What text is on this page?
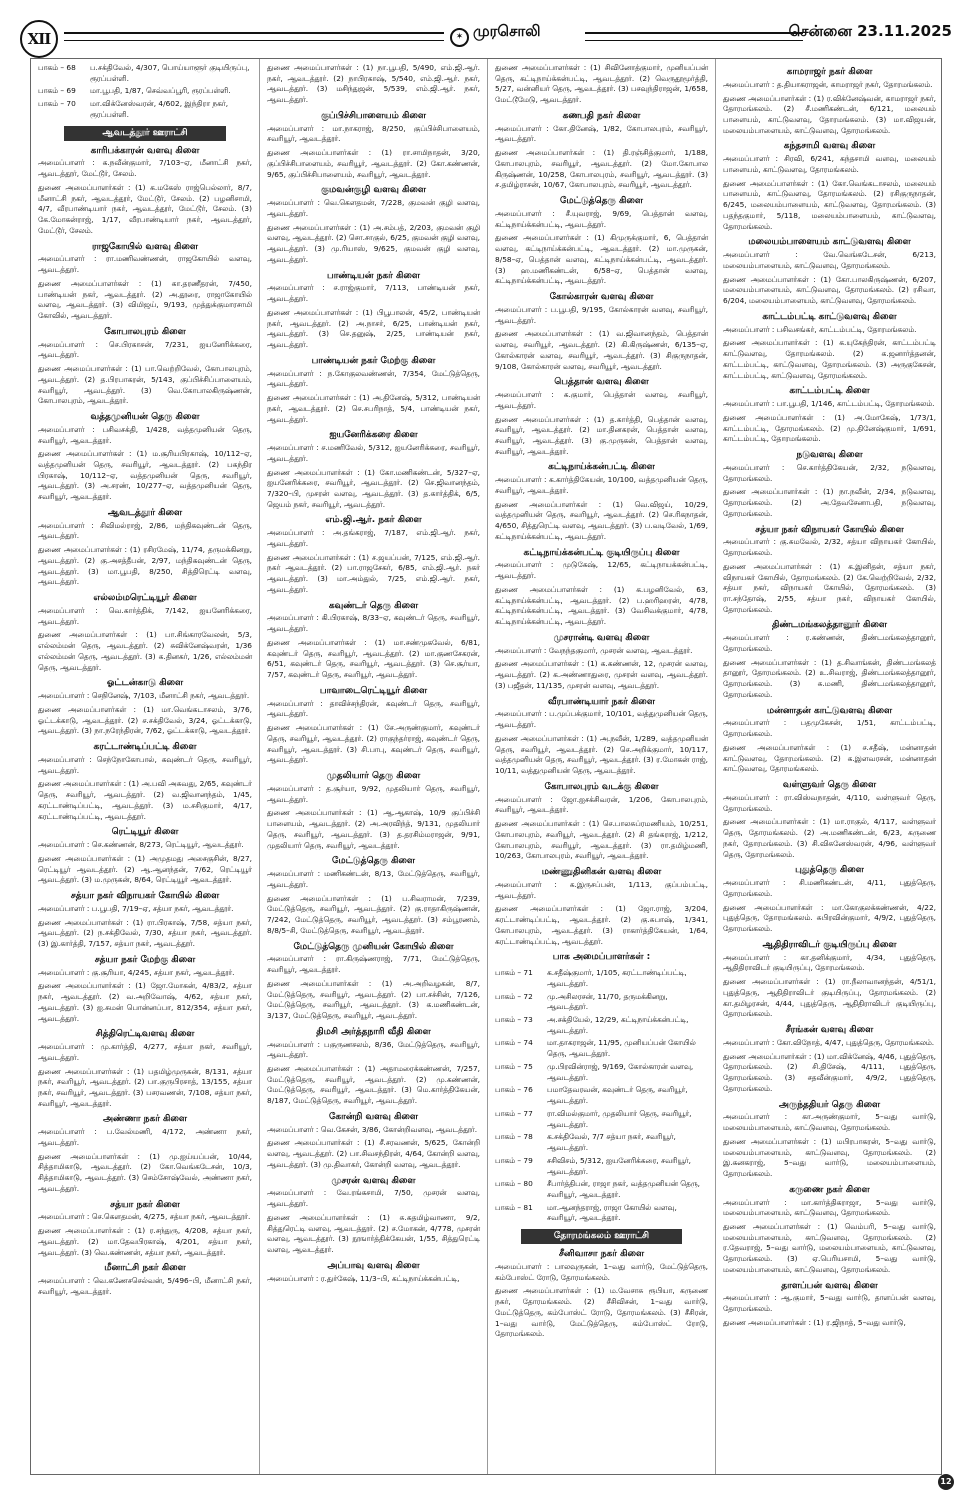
XII	✶ முரசொலி	சென்னை 23.11.2025
பாகம் – 68	ப.சக்திவேல், 4/307, பொய்யாளூர் குடியிருப்பு, ரூரப்பள்ளி.
பாகம் – 69	மா.பூபதி, 1/87, செவ்வப்பூரி, ரூரப்பள்ளி.
பாகம் – 70	மா.விக்னேஸ்வரன், 4/602, இந்திரா நகர், ரூரப்பள்ளி.
ஆவடத்தூர் ஊராட்சி
காரிபக்காரன் வளவு கிளை
அமைப்பாளர் : க.நவீன்குமார், 7/103–ஏ, மீனாட்சி நகர், ஆவடத்தூர், மேட்டூர், சேலம்.
துணை அமைப்பாளர்கள் : (1) க.மகேஸ் ராஜ்பெல்லார், 8/7, மீனாட்சி நகர், ஆவடத்தூர், மேட்டூர், சேலம். (2) பழனிசாமி, 4/7, வீரபாண்டியார் நகர், ஆவடத்தூர், மேட்டூர், சேலம். (3) கே.மோகன்ராஜ், 1/17, வீரபாண்டியார் நகர், ஆவடத்தூர், மேட்டூர், சேலம்.
ராஜகோயில் வளவு கிளை
அமைப்பாளர் : ரா.மணிவண்ணன், ராஜகோயில் வளவு, ஆவடத்தூர்.
துணை அமைப்பாளர்கள் : (1) கா.தரணீதரன், 7/450, பாண்டியன் நகர், ஆவடத்தூர். (2) அ.தூரை, ராஜாகோயில் வளவு, ஆவடத்தூர். (3) விமிஜய், 9/193, முத்துக்குமாரசாமி கோவில், ஆவடத்தூர்.
கோபாலபுரம் கிளை
அமைப்பாளர் : செ.பிரகாசன், 7/231, ஐயனேரிக்கரை, ஆவடத்தூர்.
துணை அமைப்பாளர்கள் : (1) பா.வெற்றிவேல், கோபாலபுரம், ஆவடத்தூர். (2) த.பிரபாகரன், 5/143, குப்பிச்சிப்பாளையம், சவரியூர், ஆவடத்தூர். (3) வெ.கோபாலகிருஷ்ணன், கோபாலபுரம், ஆவடத்தூர்.
வத்தமுனியன் தெரு கிளை
அமைப்பாளர் : பசிவசக்தி, 1/428, வத்தமுனியன் தெரு, சவரியூர், ஆவடத்தூர்.
துணை அமைப்பாளர்கள் : (1) ம.சூரியபிரகாஷ், 10/112–ஏ, வத்தமுனியன் தெரு, சவரியூர், ஆவடத்தூர். (2) பகந்திர பிரகாஷ், 10/112–ஏ, வத்தமுனியன் தெரு, சவரியூர், ஆவடத்தூர். (3) அ.சரண், 10/277–ஏ, வத்தமுனியன் தெரு, சவரியூர், ஆவடத்தூர்.
ஆவடத்தூர் கிளை
அமைப்பாளர் : சிவிமல்ராஜ், 2/86, மந்திகவுண்டன் தெரு, ஆவடத்தூர்.
துணை அமைப்பாளர்கள் : (1) ரசிரமேஷ், 11/74, தருமக்கினறு, ஆவடத்தூர். (2) கு.அசத்தீபன், 2/97, மந்திகவுண்டன் தெரு, ஆவடத்தூர். (3) மா.பூபதி, 8/250, சித்திரெட்டி வளவு, ஆவடத்தூர்.
எல்லம்மரெட்டியூர் கிளை
அமைப்பாளர் : வெ.கார்த்திக், 7/142, ஐயனேரிக்கரை, ஆவடத்தூர்.
துணை அமைப்பாளர்கள் : (1) பா.சிங்காரவேலன், 5/3, எல்லம்மன் தெரு, ஆவடத்தூர். (2) சுவிக்னேஷ்வரன், 1/36 எல்லம்மன் தெரு, ஆவடத்தூர். (3) க.தினகர், 1/26, எல்லம்மன் தெரு, ஆவடத்தூர்.
ஓட்டன்காடு கிளை
அமைப்பாளர் : செநினேஷ், 7/103, மீனாட்சி நகர், ஆவடத்தூர்.
துணை அமைப்பாளர்கள் : (1) மா.வெங்கடாசலம், 3/76, ஓட்டக்காடு, ஆவடத்தூர். (2) ச.சக்திவேல், 3/24, ஓட்டக்காடு, ஆவடத்தூர். (3) நா.நரேந்திரன், 7/62, ஓட்டக்காடு, ஆவடத்தூர்.
கரட்டாண்டிப்பட்டி கிளை
அமைப்பாளர் : செந்நோகோபால், கவுண்டர் தெரு, சவரியூர், ஆவடத்தூர்.
துணை அமைப்பாளர்கள் : (1) அ.பவி அசுவது, 2/65, கவுண்டர் தெரு, சவரியூர், ஆவடத்தூர். (2) வ.ஜிவானந்தம், 1/45, கரட்டாண்டிப்பட்டி, ஆவடத்தூர். (3) ம.சசிகுமார், 4/17, கரட்டாண்டிப்பட்டி, ஆவடத்தூர்.
ரெட்டியூர் கிளை
அமைப்பாளர் : செ.கண்ணன், 8/273, ரெட்டியூர், ஆவடத்தூர்.
துணை அமைப்பாளர்கள் : (1) அமுதமது அசைகுசின், 8/27, ரெட்டியூர் ஆவடத்தூர். (2) ஆ.ஆனந்தன், 7/62, ரெட்டியூர் ஆவடத்தூர். (3) ம.முருகன், 8/64, ரெட்டியூர் ஆவடத்தூர்.
சத்யா நகர் விநாயகர் கோயில் கிளை
அமைப்பாளர் : ப.பூபதி, 7/19–ஏ, சத்யா நகர், ஆவடத்தூர்.
துணை அமைப்பாளர்கள் : (1) ரா.பிரகாஷ், 7/58, சத்யா நகர், ஆவடத்தூர். (2) ந.சக்திவேல், 7/30, சத்யா நகர், ஆவடத்தூர். (3) இ.கார்த்தி, 7/157, சத்யா நகர், ஆவடத்தூர்.
சத்யா நகர் மேற்கு கிளை
அமைப்பாளர் : கு.சூரியா, 4/245, சத்யா நகர், ஆவடத்தூர்.
துணை அமைப்பாளர்கள் : (1) ஜோ.மோகன், 4/83/2, சத்யா நகர், ஆவடத்தூர். (2) வ.அறிவோஷ், 4/62, சத்யா நகர், ஆவடத்தூர். (3) ஐ.சுமன் பொன்னப்பா, 812/354, சத்யா நகர், ஆவடத்தூர்.
சித்திரெட்டிவளவு கிளை
அமைப்பாளர் : மு.கார்த்தி, 4/277, சத்யா நகர், சவரியூர், ஆவடத்தூர்.
துணை அமைப்பாளர்கள் : (1) பதமிழ்முருகன், 8/131, சத்யா நகர், சவரியூர், ஆவடத்தூர். (2) பா.குருபிரசாத், 13/155, சத்யா நகர், சவரியூர், ஆவடத்தூர். (3) பசரவணன், 7/108, சத்யா நகர், சவரியூர், ஆவடத்தூர்.
அண்ணா நகர் கிளை
அமைப்பாளர் : ப.வேல்மணி, 4/172, அண்ணா நகர், ஆவடத்தூர்.
துணை அமைப்பாளர்கள் : (1) மு.ஐய்யப்பன், 10/44, சித்தாமிகாடு, ஆவடத்தூர். (2) கோ.வெங்கடேசன், 10/3, சித்தாமிகாடு, ஆவடத்தூர். (3) செம்சோஷ்வேல், அண்ணா நகர், ஆவடத்தூர்.
சத்யா நகர் கிளை
அமைப்பாளர் : செ.கௌதமன், 4/275, சத்யா நகர், ஆவடத்தூர்.
துணை அமைப்பாளர்கள் : (1) ர.சந்துரு, 4/208, சத்யா நகர், ஆவடத்தூர். (2) மா.தேவபிரகாஷ், 4/201, சத்யா நகர், ஆவடத்தூர். (3) வெ.கண்ணன், சத்யா நகர், ஆவடத்தூர்.
மீனாட்சி நகர் கிளை
அமைப்பாளர் : வெ.கணேசசெல்வன், 5/496–பி, மீனாட்சி நகர், சவரியூர், ஆவடத்தூர்.
துணை அமைப்பாளர்கள் : (1) நா.பூபதி, 5/490, எம்.ஜி.ஆர். நகர், ஆவடத்தூர். (2) நாபிரகாஷ், 5/540, எம்.ஜி.ஆர். நகர், ஆவடத்தூர். (3) மசிந்துஜன், 5/539, எம்.ஜி.ஆர். நகர், ஆவடத்தூர்.
குப்பிச்சிபாளையம் கிளை
அமைப்பாளர் : மா.நாகராஜ், 8/250, குப்பிச்சிபாளையம், சவரியூர், ஆவடத்தூர்.
துணை அமைப்பாளர்கள் : (1) ரா.சாமிநாதன், 3/20, குப்பிச்சிபாளையம், சவரியூர், ஆவடத்தூர். (2) கோ.கண்ணன், 9/65, குப்பிச்சிபாளையம், சவரியூர், ஆவடத்தூர்.
குமவன்குழி வளவு கிளை
அமைப்பாளர் : வெ.கௌதமன், 7/228, குமவன் குழி வளவு, ஆவடத்தூர்.
துணை அமைப்பாளர்கள் : (1) அ.சம்பத், 2/203, குமவன் குழி வளவு, ஆவடத்தூர். (2) சொ.சாகுல், 6/25, குமவன் குழி வளவு, ஆவடத்தூர். (3) மு.ரியாஸ், 9/625, குமவன் குழி வளவு, ஆவடத்தூர்.
பாண்டியன் நகர் கிளை
அமைப்பாளர் : ச.ராஜ்குமார், 7/113, பாண்டியன் நகர், ஆவடத்தூர்.
துணை அமைப்பாளர்கள் : (1) பிபூபாலன், 45/2, பாண்டியன் நகர், ஆவடத்தூர். (2) அ.நாசர், 6/25, பாண்டியன் நகர், ஆவடத்தூர். (3) செ.தனுஷ், 2/25, பாண்டியன் நகர், ஆவடத்தூர்.
பாண்டியன் நகர் மேற்கு கிளை
அமைப்பாளர் : ந.கோகுலவண்ணன், 7/354, மேட்டுத்தெரு, ஆவடத்தூர்.
துணை அமைப்பாளர்கள் : (1) அ.தினேஷ், 5/312, பாண்டியன் நகர், ஆவடத்தூர். (2) செ.சபரிநாத், 5/4, பாண்டியன் நகர், ஆவடத்தூர்.
ஐயனேரிக்கரை கிளை
அமைப்பாளர் : ச.மணிவேல், 5/312, ஐயனேரிக்கரை, சவரியூர், ஆவடத்தூர்.
துணை அமைப்பாளர்கள் : (1) கோ.மணிகண்டன், 5/327–ஏ, ஐயனேரிக்கரை, சவரியூர், ஆவடத்தூர். (2) செ.ஜிவானந்தம், 7/320–பி, முசரன் வளவு, ஆவடத்தூர். (3) த.கார்த்திக், 6/5, ஜெயம் நகர், சவரியூர், ஆவடத்தூர்.
எம்.ஜி.ஆர். நகர் கிளை
அமைப்பாளர் : அ.தங்கராஜ், 7/187, எம்.ஜி.ஆர். நகர், ஆவடத்தூர்.
துணை அமைப்பாளர்கள் : (1) ச.ஜயப்பன், 7/125, எம்.ஜி.ஆர். நகர் ஆவடத்தூர். (2) பா.ராஜசேகர், 6/85, எம்.ஜி.ஆர். நகர் ஆவடத்தூர். (3) மா.அம்துல், 7/25, எம்.ஜி.ஆர். நகர், ஆவடத்தூர்.
கவுண்டர் தெரு கிளை
அமைப்பாளர் : கி.பிரகாஷ், 8/33–ஏ, கவுண்டர் தெரு, சவரியூர், ஆவடத்தூர்.
துணை அமைப்பாளர்கள் : (1) மா.சண்முகவேல், 6/81, கவுண்டர் தெரு, சவரியூர், ஆவடத்தூர். (2) மா.குணசேகரன், 6/51, கவுண்டர் தெரு, சவரியூர், ஆவடத்தூர். (3) செ.சூர்யா, 7/57, கவுண்டர் தெரு, சவரியூர், ஆவடத்தூர்.
பாவாடைரெட்டியூர் கிளை
அமைப்பாளர் : தாவிச்சந்திரன், கவுண்டர் தெரு, சவரியூர், ஆவடத்தூர்.
துணை அமைப்பாளர்கள் : (1) சே.அருண்குமார், கவுண்டர் தெரு, சவரியூர், ஆவடத்தூர். (2) ராகுந்தர்ராஜ், கவுண்டர் தெரு, சவரியூர், ஆவடத்தூர். (3) சி.பாபு, கவுண்டர் தெரு, சவரியூர், ஆவடத்தூர்.
முதலியார் தெரு கிளை
அமைப்பாளர் : த.சூர்யா, 9/92, முதலியார் தெரு, சவரியூர், ஆவடத்தூர்.
துணை அமைப்பாளர்கள் : (1) ஆ.ஆகாஷ், 10/9 குப்பிச்சி பாளையம், ஆவடத்தூர். (2) அ.அரவிந்த், 9/131, முதலியார் தெரு, சவரியூர், ஆவடத்தூர். (3) த.தரசிம்மராஜன், 9/91, முதலியார் தெரு, சவரியூர், ஆவடத்தூர்.
மேட்டுத்தெரு கிளை
அமைப்பாளர் : மணிகண்டன், 8/13, மேட்டுத்தெரு, சவரியூர், ஆவடத்தூர்.
துணை அமைப்பாளர்கள் : (1) ப.சிவராமன், 7/239, மேட்டுத்தெரு, சவரியூர், ஆவடத்தூர். (2) கு.ராதாகிருஷ்ணன், 7/242, மேட்டுத்தெரு, சவரியூர், ஆவடத்தூர். (3) சம்பூரணம், 8/8/5–சி, மேட்டுத்தெரு, சவரியூர், ஆவடத்தூர்.
மேட்டுத்தெரு முனியன் கோயில் கிளை
அமைப்பாளர் : ரா.கிருஷ்ணராஜ், 7/71, மேட்டுத்தெரு, சவரியூர், ஆவடத்தூர்.
துணை அமைப்பாளர்கள் : (1) அ.அறிவழகன், 8/7, மேட்டுத்தெரு, சவரியூர், ஆவடத்தூர். (2) பா.சச்சின், 7/126, மேட்டுத்தெரு, சவரியூர், ஆவடத்தூர். (3) க.மணிகண்டன், 3/137, மேட்டுத்தெரு, சவரியூர், ஆவடத்தூர்.
திமசி அர்த்தநாரி வீதி கிளை
அமைப்பாளர் : பகுருணசலம், 8/36, மேட்டுத்தெரு, சவரியூர், ஆவடத்தூர்.
துணை அமைப்பாளர்கள் : (1) அதாமரைக்கண்ணன், 7/257, மேட்டுத்தெரு, சவரியூர், ஆவடத்தூர். (2) மு.கண்ணன், மேட்டுத்தெரு, சவரியூர், ஆவடத்தூர். (3) மெ.கார்த்திகேயன், 8/187, மேட்டுத்தெரு, சவரியூர், ஆவடத்தூர்.
கோன்றி வளவு கிளை
அமைப்பாளர் : வெ.கேசன், 3/86, கோன்றிவளவு, ஆவடத்தூர்.
துணை அமைப்பாளர்கள் : (1) சீ.சரவணன், 5/625, கோன்றி வளவு, ஆவடத்தூர். (2) பா.சிவசந்திரன், 4/64, கோன்றி வளவு, ஆவடத்தூர். (3) மு.திவாகர், கோன்றி வளவு, ஆவடத்தூர்.
முசரன் வளவு கிளை
அமைப்பாளர் : வே.ரங்கசாமி, 7/50, முசரன் வளவு, ஆவடத்தூர்.
துணை அமைப்பாளர்கள் : (1) சு.கதமிழ்வாணா, 9/2, சித்துரெட்டி வளவு, ஆவடத்தூர். (2) ச.மோகன், 4/778, முசரன் வளவு, ஆவடத்தூர். (3) நூஙார்த்திக்கேயன், 1/55, சித்துரெட்டி வளவு, ஆவடத்தூர்.
அப்பாவு வளவு கிளை
அமைப்பாளர் : ர.துர்கேஷ், 11/3–பி, கட்டிநாய்க்கன்பட்டி,
துணை அமைப்பாளர்கள் : (1) சிவினோத்குமார், முனியப்பன் தெரு, கட்டிநாய்க்கன்பட்டி, ஆவடத்தூர். (2) வெருதூமூர்த்தி, 5/27, வன்னியர் தெரு, ஆவடத்தூர். (3) பசவுந்திராஜன், 1/658, மேட்டூமேடு, ஆவடத்தூர்.
கணபதி நகர் கிளை
அமைப்பாளர் : கோ.தினேஷ், 1/82, கோபாலபுரம், சவரியூர், ஆவடத்தூர்.
துணை அமைப்பாளர்கள் : (1) தி.ரஞ்சித்குமார், 1/188, கோபாலபுரம், சவரியூர், ஆவடத்தூர். (2) மோ.கோபால கிருஷ்ணன், 10/258, கோபாலபுரம், சவரியூர், ஆவடத்தூர். (3) ச.தமிழ்ராசன், 10/67, கோபாலபுரம், சவரியூர், ஆவடத்தூர்.
மேட்டுத்தெரு கிளை
அமைப்பாளர் : சீ.யுவராஜ், 9/69, பெத்தான் வளவு, கட்டிநாய்க்கன்பட்டி, ஆவடத்தூர்.
துணை அமைப்பாளர்கள் : (1) கிமுருக்குமார், 6, பெத்தான் வளவு, கட்டிநாய்க்கன்பட்டி, ஆவடத்தூர். (2) மா.முருகன், 8/58–ஏ, பெத்தான் வளவு, கட்டிநாய்க்கன்பட்டி, ஆவடத்தூர். (3) ஹ.மணிகண்டன், 6/58–ஏ, பெத்தான் வளவு, கட்டிநாய்க்கன்பட்டி, ஆவடத்தூர்.
கோல்காரன் வளவு கிளை
அமைப்பாளர் : ப.பூபதி, 9/195, கோல்காரன் வளவு, சவரியூர், ஆவடத்தூர்.
துணை அமைப்பாளர்கள் : (1) வ.ஜிவானந்தம், பெத்தான் வளவு, சவரியூர், ஆவடத்தூர். (2) கி.கிருஷ்ணன், 6/135–ஏ, கோல்காரன் வளவு, சவரியூர், ஆவடத்தூர். (3) சிகுருநாதன், 9/108, கோல்காரன் வளவு, சவரியூர், ஆவடத்தூர்.
பெத்தான் வளவு கிளை
அமைப்பாளர் : க.குமார், பெத்தான் வளவு, சவரியூர், ஆவடத்தூர்.
துணை அமைப்பாளர்கள் : (1) த.கார்த்தி, பெத்தான் வளவு, சவரியூர், ஆவடத்தூர். (2) மா.தினகரன், பெத்தான் வளவு, சவரியூர், ஆவடத்தூர். (3) கு.முருகன், பெத்தான் வளவு, சவரியூர், ஆவடத்தூர்.
கட்டிநாய்க்கன்பட்டி கிளை
அமைப்பாளர் : க.கார்த்திகேயன், 10/100, வத்தமுனியன் தெரு, சவரியூர், ஆவடத்தூர்.
துணை அமைப்பாளர்கள் : (1) வெ.விஜய், 10/29, வத்தமுனியன் தெரு, சவரியூர், ஆவடத்தூர். (2) செ.ரிகநாதன், 4/650, சித்துரெட்டி வளவு, ஆவடத்தூர். (3) ப.வடிவேல், 1/69, கட்டிநாய்க்கன்பட்டி, ஆவடத்தூர்.
கட்டிநாய்க்கன்பட்டி குடியிருப்பு கிளை
அமைப்பாளர் : முடுகேஷ், 12/65, கட்டிநாயக்கன்பட்டி, ஆவடத்தூர்.
துணை அமைப்பாளர்கள் : (1) க.பழனிவேல், 63, கட்டிநாய்க்கன்பட்டி, ஆவடத்தூர். (2) ப.ஹரிஹரன், 4/78, கட்டிநாய்க்கன்பட்டி, ஆவடத்தூர். (3) வேசிவக்குமார், 4/78, கட்டிநாய்க்கன்பட்டி, ஆவடத்தூர்.
முசரான்டி வளவு கிளை
அமைப்பாளர் : வேநந்தகுமார், முசரன் வளவு, ஆவடத்தூர்.
துணை அமைப்பாளர்கள் : (1) க.கண்ணன், 12, முசரன் வளவு, ஆவடத்தூர். (2) க.அண்ணாதுரை, முசரன் வளவு, ஆவடத்தூர். (3) பஜீதன், 11/135, முசரன் வளவு, ஆவடத்தூர்.
வீரபாண்டியார் நகர் கிளை
அமைப்பாளர் : ப.முப்பக்குமார், 10/101, வத்துமுனியன் தெரு, ஆவடத்தூர்.
துணை அமைப்பாளர்கள் : (1) அ.நவீன், 1/289, வத்தமுனியன் தெரு, சவரியூர், ஆவடத்தூர். (2) செ.அறிக்குமார், 10/117, வத்தமுனியன் தெரு, சவரியூர், ஆவடத்தூர். (3) ர.மோகன் ராஜ், 10/11, வத்துமுனியன் தெரு, ஆவடத்தூர்.
கோபாலபுரம் வடக்கு கிளை
அமைப்பாளர் : ஜோ.ஐசக்சிவரன், 1/206, கோபாலபுரம், சவரியூர், ஆவடத்தூர்.
துணை அமைப்பாளர்கள் : (1) செ.பாலசுப்ரமணியம், 10/251, கோபாலபுரம், சவரியூர், ஆவடத்தூர். (2) சி தங்கராஜ், 1/212, கோபாலபுரம், சவரியூர், ஆவடத்தூர். (3) ரா.தமிழ்மணி, 10/263, கோபாலபுரம், சவரியூர், ஆவடத்தூர்.
மண்ணுதினிகன் வளவு கிளை
அமைப்பாளர் : க.இருசப்பன், 1/113, குப்பம்பட்டி, ஆவடத்தூர்.
துணை அமைப்பாளர்கள் : (1) ஜோ.ராஜ், 3/204, கரட்டாண்டிப்பட்டி, ஆவடத்தூர். (2) கு.சுபாஷ், 1/341, கோபாலபுரம், ஆவடத்தூர். (3) ராகார்த்திகேயன், 1/64, கரட்டாண்டிப்பட்டி, ஆவடத்தூர்.
பாக அமைப்பாளர்கள் :
பாகம் – 71	க.சதீஷ்குமார், 1/105, கரட்டாண்டிப்பட்டி, ஆவடத்தூர்.
பாகம் – 72	மு.அசிலரசன், 11/70, தருமக்கினறு, ஆவடத்தூர்.
பாகம் – 73	அ.சக்தியேல், 12/29, கட்டிநாய்க்கன்பட்டி, ஆவடத்தூர்.
பாகம் – 74	மா.தாகராஜன், 11/95, முனியப்பன் கோயில் தெரு, ஆவடத்தூர்.
பாகம் – 75	மு.பிரவின்ராஜ், 9/169, கோல்காரன் வளவு, ஆவடத்தூர்.
பாகம் – 76	பமாதேவரவன், கவுண்டர் தெரு, சவரியூர், ஆவடத்தூர்.
பாகம் – 77	ரா.விமல்குமார், முதலியார் தெரு, சவரியூர், ஆவடத்தூர்.
பாகம் – 78	க.சக்திவேல், 7/7 சத்யா நகர், சவரியூர், ஆவடத்தூர்.
பாகம் – 79	சசிவிசம், 5/312, ஐயனேரிக்கரை, சவரியூர், ஆவடத்தூர்.
பாகம் – 80	சீபார்த்திபன், ராஜா நகர், வத்தமுனியன் தெரு, சவரியூர், ஆவடத்தூர்.
பாகம் – 81	மா.ஆனந்தராஜ், ராஜா கோயில் வளவு, சவரியூர், ஆவடத்தூர்.
தோரமங்கலம் ஊராட்சி
சீனிவாசா நகர் கிளை
அமைப்பாளர் : பாலவுருகன், 1–வது வார்டு, மேட்டுத்தெரு, கம்போஸ்ட் ரோடு, தோரமங்கலம்.
துணை அமைப்பாளர்கள் : (1) ம.வேசாசு ரூபியா, கருணை நகர், தோரமங்கலம். (2) சீசிவிசன், 1–வது வார்டு, மேட்டுத்தெரு, கம்போஸ்ட் ரோடு, தோரமங்கலம். (3) சீசிரன், 1–வது வார்டு, மேட்டுத்தெரு, கம்போஸ்ட் ரோடு, தோரமங்கலம்.
காமராஜர் நகர் கிளை
அமைப்பாளர் : த.தியாகராஜன், காமராஜர் நகர், தோரமங்கலம்.
துணை அமைப்பாளர்கள் : (1) ர.விக்னேஷ்வன், காமராஜர் நகர், தோரமங்கலம். (2) சீ.மணிகண்டன், 6/121, மலையம் பாளையம், காட்டுவளவு, தோரமங்கலம். (3) மா.விஜயன், மலையம்பாளையம், காட்டுவளவு, தோரமங்கலம்.
கந்தசாமி வளவு கிளை
அமைப்பாளர் : சிரவி, 6/241, கந்தசாமி வளவு, மலையம் பாளையம், காட்டுவளவு, தோரமங்கலம்.
துணை அமைப்பாளர்கள் : (1) கோ.வெங்கடாசலம், மலையம் பாளையம், காட்டுவளவு, தோரமங்கலம். (2) ரசிகுருநாதன், 6/245, மலையம்பாளையம், காட்டுவளவு, தோரமங்கலம். (3) பதந்தகுமார், 5/118, மலையம்பாளையம், காட்டுவளவு, தோரமங்கலம்.
மலையம்பாளையம் காட்டுவளவு கிளை
அமைப்பாளர் : வே.வெங்கடேசன், 6/213, மலையம்பாளையம், காட்டுவளவு, தோரமங்கலம்.
துணை அமைப்பாளர்கள் : (1) கோ.பாலகிருஷ்ணன், 6/207, மலையம்பாளையம், காட்டுவளவு, தோரமங்கலம். (2) ரசிவா, 6/204, மலையம்பாளையம், காட்டுவளவு, தோரமங்கலம்.
காட்டம்பட்டி காட்டுவளவு கிளை
அமைப்பாளர் : பசிவசங்கர், காட்டம்பட்டி, தோரமங்கலம்.
துணை அமைப்பாளர்கள் : (1) க.யுகேந்திரன், காட்டம்பட்டி காட்டுவளவு, தோரமங்கலம். (2) க.ஜனார்த்தனன், காட்டம்பட்டி, காட்டுவளவு, தோரமங்கலம். (3) அருகுகேசன், காட்டம்பட்டி, காட்டுவளவு, தோரமங்கலம்.
காட்டம்பட்டி கிளை
அமைப்பாளர் : பா.பூபதி, 1/146, காட்டம்பட்டி, தோரமங்கலம்.
துணை அமைப்பாளர்கள் : (1) அ.மோகேஷ், 1/73/1, காட்டம்பட்டி, தோரமங்கலம். (2) மு.தினேஷ்குமார், 1/691, காட்டம்பட்டி, தோரமங்கலம்.
நடுவளவு கிளை
அமைப்பாளர் : செ.கார்த்திகேயன், 2/32, நடுவளவு, தோரமங்கலம்.
துணை அமைப்பாளர்கள் : (1) நா.நவீன், 2/34, நடுவளவு, தோரமங்கலம். (2) அ.தேவசேனாபதி, நடுவளவு, தோரமங்கலம்.
சத்யா நகர் விநாயகர் கோயில் கிளை
அமைப்பாளர் : கு.சுமவேல், 2/32, சத்யா விநாயகர் கோயில், தோரமங்கலம்.
துணை அமைப்பாளர்கள் : (1) க.இனிதன், சத்யா நகர், விநாயகர் கோயில், தோரமங்கலம். (2) கே.வெற்றிவேல், 2/32, சத்யா நகர், விநாயகர் கோயில், தோரமங்கலம். (3) ரா.சந்தோஷ், 2/55, சத்யா நகர், விநாயகர் கோயில், தோரமங்கலம்.
திண்டமங்கலத்தானூர் கிளை
அமைப்பாளர் : ர.கண்ணன், திண்டமங்கலத்தானூர், தோரமங்கலம்.
துணை அமைப்பாளர்கள் : (1) த.சிவாங்கன், திண்டமங்கலத் தானூர், தோரமங்கலம். (2) உ.சிவராஜ், திண்டமங்கலத்தானூர், தோரமங்கலம். (3) சு.மணி, திண்டமங்கலத்தானூர், தோரமங்கலம்.
மன்னாதன் காட்டுவளவு கிளை
அமைப்பாளர் : பதமுகேசன், 1/51, காட்டம்பட்டி, தோரமங்கலம்.
துணை அமைப்பாளர்கள் : (1) ச.சதீஷ், மன்னாதன் காட்டுவளவு, தோரமங்கலம். (2) க.இளவரசன், மன்னாதன் காட்டுவளவு, தோரமங்கலம்.
வள்ளுவர் தெரு கிளை
அமைப்பாளர் : ரா.விஸ்வநாதன், 4/110, வள்ளுவர் தெரு, தோரமங்கலம்.
துணை அமைப்பாளர்கள் : (1) மா.ராகுல், 4/117, வள்ளுவர் தெரு, தோரமங்கலம். (2) அ.மணிகண்டன், 6/23, கருணை நகர், தோரமங்கலம். (3) சி.விசுனேஸ்வரன், 4/96, வள்ளுவர் தெரு, தோரமங்கலம்.
புதுத்தெரு கிளை
அமைப்பாளர் : சி.மணிகண்டன், 4/11, புதுத்தெரு, தோரமங்கலம்.
துணை அமைப்பாளர்கள் : மா.கோகுலக்கண்ணன், 4/22, புதுத்தெரு, தோரமங்கலம். சுபிரவின்குமார், 4/9/2, புதுத்தெரு, தோரமங்கலம்.
ஆதிதிராவிடர் குடியிருப்பு கிளை
அமைப்பாளர் : கா.தனிக்குமார், 4/34, புதுத்தெரு, ஆதிதிராவிடர் குடியிருப்பு, தோரமங்கலம்.
துணை அமைப்பாளர்கள் : (1) ரா.நீலாவானந்தன், 4/51/1, புதுத்தெரு, ஆதிதிராவிடர் குடியிருப்பு, தோரமங்கலம். (2) கா.தமிழரசன், 4/44, புதுத்தெரு, ஆதிதிராவிடர் குடியிருப்பு, தோரமங்கலம்.
சீரங்கன் வளவு கிளை
அமைப்பாளர் : கோ.விநோத், 4/47, புதுத்தெரு, தோரமங்கலம்.
துணை அமைப்பாளர்கள் : (1) மா.விக்னேஷ், 4/46, புதுத்தெரு, தோரமங்கலம். (2) சி.திசேஷ், 4/111, புதுத்தெரு, தோரமங்கலம். (3) சதவீன்குமார், 4/9/2, புதுத்தெரு, தோரமங்கலம்.
அருந்ததியர் தெரு கிளை
அமைப்பாளர் : கா.அருண்குமார், 5–வது வார்டு, மலையம்பாளையம், காட்டுவளவு, தோரமங்கலம்.
துணை அமைப்பாளர்கள் : (1) மபிரபாகரன், 5–வது வார்டு, மலையம்பாளையம், காட்டுவளவு, தோரமங்கலம். (2) இ.கனகராஜ், 5–வது வார்டு, மலையம்பாளையம், தோரமங்கலம்.
கருணை நகர் கிளை
அமைப்பாளர் : மா.கார்த்திகராஜா, 5–வது வார்டு, மலையம்பாளையம், காட்டுவளவு, தோரமங்கலம்.
துணை அமைப்பாளர்கள் : (1) வெம்பரி, 5–வது வார்டு, மலையம்பாளையம், காட்டுவளவு, தோரமங்கலம். (2) ர.தேவராஜ், 5–வது வார்டு, மலையம்பாளையம், காட்டுவளவு, தோரமங்கலம். (3) ஏ.பெரியசாமி, 5–வது வார்டு, மலையம்பாளையம், காட்டுவளவு, தோரமங்கலம்.
தாளப்பன் வளவு கிளை
அமைப்பாளர் : ஆ.குமார், 5–வது வார்டு, தாளப்பன் வளவு, தோரமங்கலம்.
துணை அமைப்பாளர்கள் : (1) ர.ஜிநாத், 5–வது வார்டு,
12
